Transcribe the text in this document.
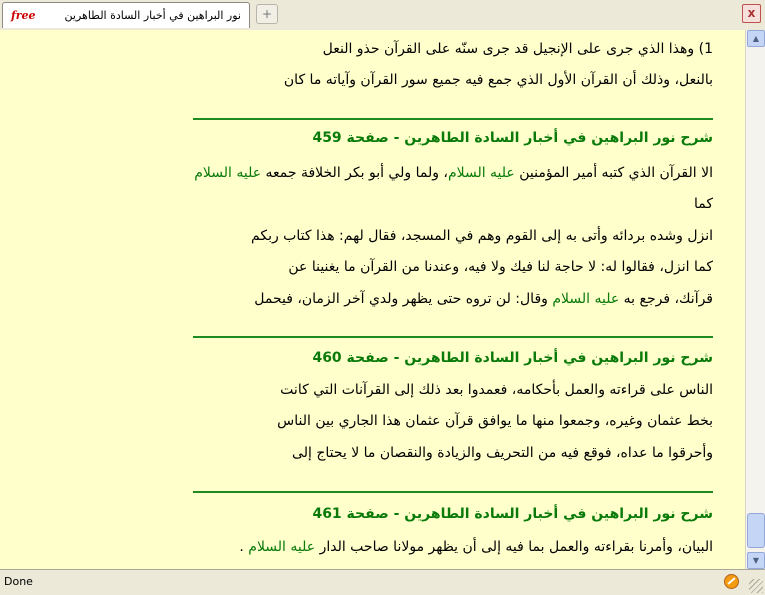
free	نور البراهين في أخبار السادة الطاهرين	+	x
1) وهذا الذي جرى على الإنجيل قد جرى سنّه على القرآن حذو النعل
بالنعل، وذلك أن القرآن الأول الذي جمع فيه جميع سور القرآن وآياته ما كان
شرح نور البراهين في أخبار السادة الطاهرين - صفحة 459
الا القرآن الذي كتبه أمير المؤمنين عليه السلام، ولما ولي أبو بكر الخلافة جمعه عليه السلام
كما
انزل وشده بردائه وأتى به إلى القوم وهم في المسجد، فقال لهم: هذا كتاب ربكم
كما انزل، فقالوا له: لا حاجة لنا فيك ولا فيه، وعندنا من القرآن ما يغنينا عن
قرآنك، فرجع به عليه السلام وقال: لن تروه حتى يظهر ولدي آخر الزمان، فيحمل
شرح نور البراهين في أخبار السادة الطاهرين - صفحة 460
الناس على قراءته والعمل بأحكامه، فعمدوا بعد ذلك إلى القرآنات التي كانت
بخط عثمان وغيره، وجمعوا منها ما يوافق قرآن عثمان هذا الجاري بين الناس
وأحرقوا ما عداه، فوقع فيه من التحريف والزيادة والنقصان ما لا يحتاج إلى
شرح نور البراهين في أخبار السادة الطاهرين - صفحة 461
البيان، وأمرنا بقراءته والعمل بما فيه إلى أن يظهر مولانا صاحب الدار عليه السلام .
▲
▼
Done
